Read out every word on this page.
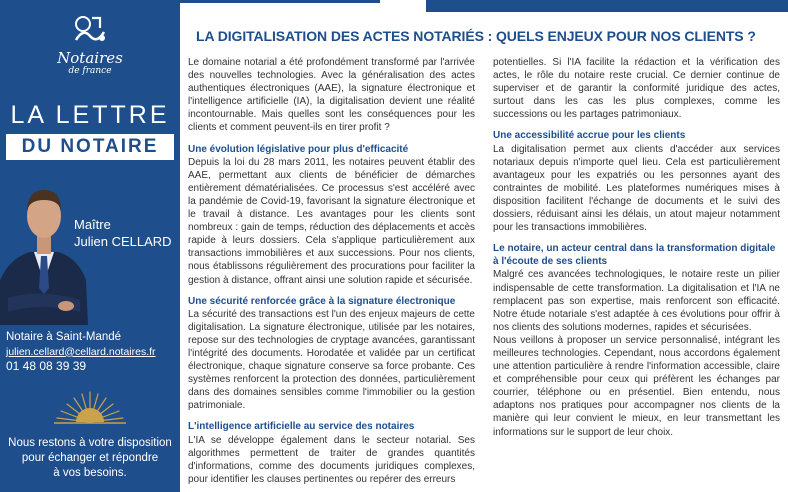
Notaires
de france
LA LETTRE
DU NOTAIRE
Maître
Julien CELLARD
Notaire à Saint-Mandé
julien.cellard@cellard.notaires.fr
01 48 08 39 39
Nous restons à votre disposition
pour échanger et répondre
à vos besoins.
LA DIGITALISATION DES ACTES NOTARIÉS : QUELS ENJEUX POUR NOS CLIENTS ?

Le domaine notarial a été profondément transformé par l'arrivée des nouvelles technologies. Avec la généralisation des actes authentiques électroniques (AAE), la signature électronique et l'intelligence artificielle (IA), la digitalisation devient une réalité incontournable. Mais quelles sont les conséquences pour les clients et comment peuvent-ils en tirer profit ?

Une évolution législative pour plus d'efficacité

Depuis la loi du 28 mars 2011, les notaires peuvent établir des AAE, permettant aux clients de bénéficier de démarches entièrement dématérialisées. Ce processus s'est accéléré avec la pandémie de Covid-19, favorisant la signature électronique et le travail à distance. Les avantages pour les clients sont nombreux : gain de temps, réduction des déplacements et accès rapide à leurs dossiers. Cela s'applique particulièrement aux transactions immobilières et aux successions. Pour nos clients, nous établissons régulièrement des procurations pour faciliter la gestion à distance, offrant ainsi une solution rapide et sécurisée.

Une sécurité renforcée grâce à la signature électronique

La sécurité des transactions est l'un des enjeux majeurs de cette digitalisation. La signature électronique, utilisée par les notaires, repose sur des technologies de cryptage avancées, garantissant l'intégrité des documents. Horodatée et validée par un certificat électronique, chaque signature conserve sa force probante. Ces systèmes renforcent la protection des données, particulièrement dans des domaines sensibles comme l'immobilier ou la gestion patrimoniale.

L'intelligence artificielle au service des notaires

L'IA se développe également dans le secteur notarial. Ses algorithmes permettent de traiter de grandes quantités d'informations, comme des documents juridiques complexes, pour identifier les clauses pertinentes ou repérer des erreurs

potentielles. Si l'IA facilite la rédaction et la vérification des actes, le rôle du notaire reste crucial. Ce dernier continue de superviser et de garantir la conformité juridique des actes, surtout dans les cas les plus complexes, comme les successions ou les partages patrimoniaux.

Une accessibilité accrue pour les clients

La digitalisation permet aux clients d'accéder aux services notariaux depuis n'importe quel lieu. Cela est particulièrement avantageux pour les expatriés ou les personnes ayant des contraintes de mobilité. Les plateformes numériques mises à disposition facilitent l'échange de documents et le suivi des dossiers, réduisant ainsi les délais, un atout majeur notamment pour les transactions immobilières.

Le notaire, un acteur central dans la transformation digitale à l'écoute de ses clients

Malgré ces avancées technologiques, le notaire reste un pilier indispensable de cette transformation. La digitalisation et l'IA ne remplacent pas son expertise, mais renforcent son efficacité. Notre étude notariale s'est adaptée à ces évolutions pour offrir à nos clients des solutions modernes, rapides et sécurisées.

Nous veillons à proposer un service personnalisé, intégrant les meilleures technologies. Cependant, nous accordons également une attention particulière à rendre l'information accessible, claire et compréhensible pour ceux qui préfèrent les échanges par courrier, téléphone ou en présentiel. Bien entendu, nous adaptons nos pratiques pour accompagner nos clients de la manière qui leur convient le mieux, en leur transmettant les informations sur le support de leur choix.
